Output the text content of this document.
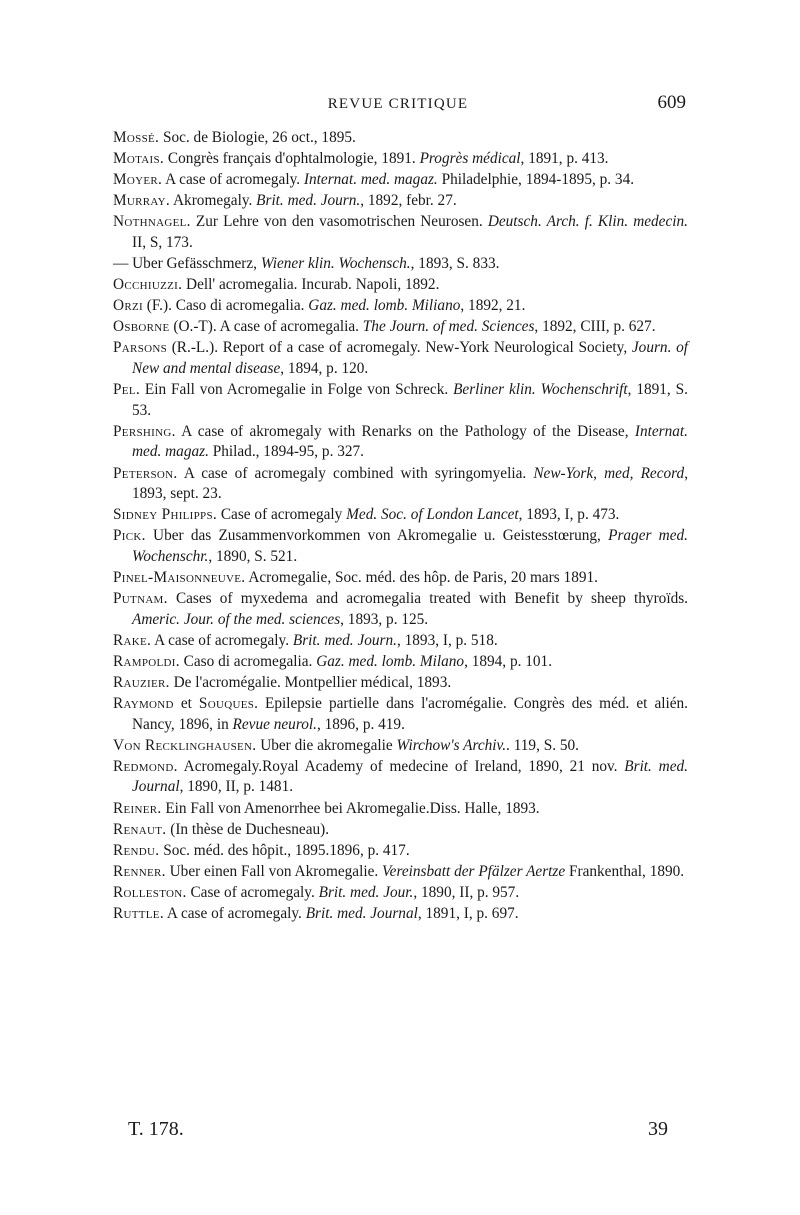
REVUE CRITIQUE	609
Mossé. Soc. de Biologie, 26 oct., 1895.
Motais. Congrès français d'ophtalmologie, 1891. Progrès médical, 1891, p. 413.
Moyer. A case of acromegaly. Internat. med. magaz. Philadelphie, 1894-1895, p. 34.
Murray. Akromegaly. Brit. med. Journ., 1892, febr. 27.
Nothnagel. Zur Lehre von den vasomotrischen Neurosen. Deutsch. Arch. f. Klin. medecin. II, S, 173.
— Uber Gefässchmerz, Wiener klin. Wochensch., 1893, S. 833.
Occhiuzzi. Dell' acromegalia. Incurab. Napoli, 1892.
Orzi (F.). Caso di acromegalia. Gaz. med. lomb. Miliano, 1892, 21.
Osborne (O.-T). A case of acromegalia. The Journ. of med. Sciences, 1892, CIII, p. 627.
Parsons (R.-L.). Report of a case of acromegaly. New-York Neurological Society, Journ. of New and mental disease, 1894, p. 120.
Pel. Ein Fall von Acromegalie in Folge von Schreck. Berliner klin. Wochenschrift, 1891, S. 53.
Pershing. A case of akromegaly with Renarks on the Pathology of the Disease, Internat. med. magaz. Philad., 1894-95, p. 327.
Peterson. A case of acromegaly combined with syringomyelia. New-York, med, Record, 1893, sept. 23.
Sidney Philipps. Case of acromegaly Med. Soc. of London Lancet, 1893, I, p. 473.
Pick. Uber das Zusammenvorkommen von Akromegalie u. Geistesstœrung, Prager med. Wochenschr., 1890, S. 521.
Pinel-Maisonneuve. Acromegalie, Soc. méd. des hôp. de Paris, 20 mars 1891.
Putnam. Cases of myxedema and acromegalia treated with Benefit by sheep thyroïds. Americ. Jour. of the med. sciences, 1893, p. 125.
Rake. A case of acromegaly. Brit. med. Journ., 1893, I, p. 518.
Rampoldi. Caso di acromegalia. Gaz. med. lomb. Milano, 1894, p. 101.
Rauzier. De l'acromégalie. Montpellier médical, 1893.
Raymond et Souques. Epilepsie partielle dans l'acromégalie. Congrès des méd. et alién. Nancy, 1896, in Revue neurol., 1896, p. 419.
Von Recklinghausen. Uber die akromegalie Wirchow's Archiv.. 119, S. 50.
Redmond. Acromegaly.Royal Academy of medecine of Ireland, 1890, 21 nov. Brit. med. Journal, 1890, II, p. 1481.
Reiner. Ein Fall von Amenorrhee bei Akromegalie.Diss. Halle, 1893.
Renaut. (In thèse de Duchesneau).
Rendu. Soc. méd. des hôpit., 1895.1896, p. 417.
Renner. Uber einen Fall von Akromegalie. Vereinsbatt der Pfälzer Aertze Frankenthal, 1890.
Rolleston. Case of acromegaly. Brit. med. Jour., 1890, II, p. 957.
Ruttle. A case of acromegaly. Brit. med. Journal, 1891, I, p. 697.
T. 178.	39
